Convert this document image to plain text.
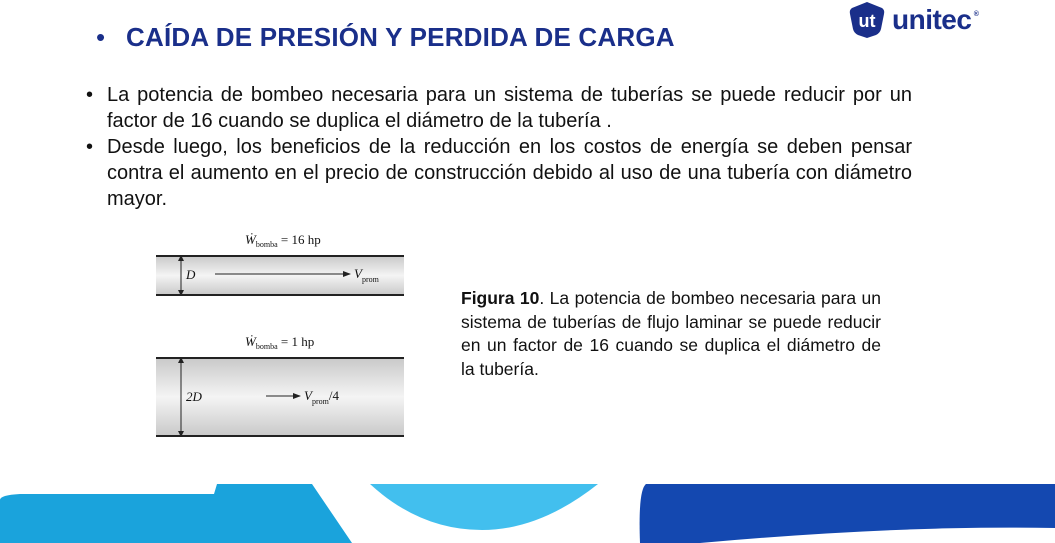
• CAÍDA DE PRESIÓN Y PERDIDA DE CARGA
ut unitec ®
• La potencia de bombeo necesaria para un sistema de tuberías se puede reducir por un factor de 16 cuando se duplica el diámetro de la tubería .
• Desde luego, los beneficios de la reducción en los costos de energía se deben pensar contra el aumento en el precio de construcción debido al uso de una tubería con diámetro mayor.
Ẇ$_{bomba}$ = 16 hp
D	$V_{prom}$
Ẇ$_{bomba}$ = 1 hp
2D	$V_{prom}/4$
Figura 10. La potencia de bombeo necesaria para un sistema de tuberías de flujo laminar se puede reducir en un factor de 16 cuando se duplica el diámetro de la tubería.
